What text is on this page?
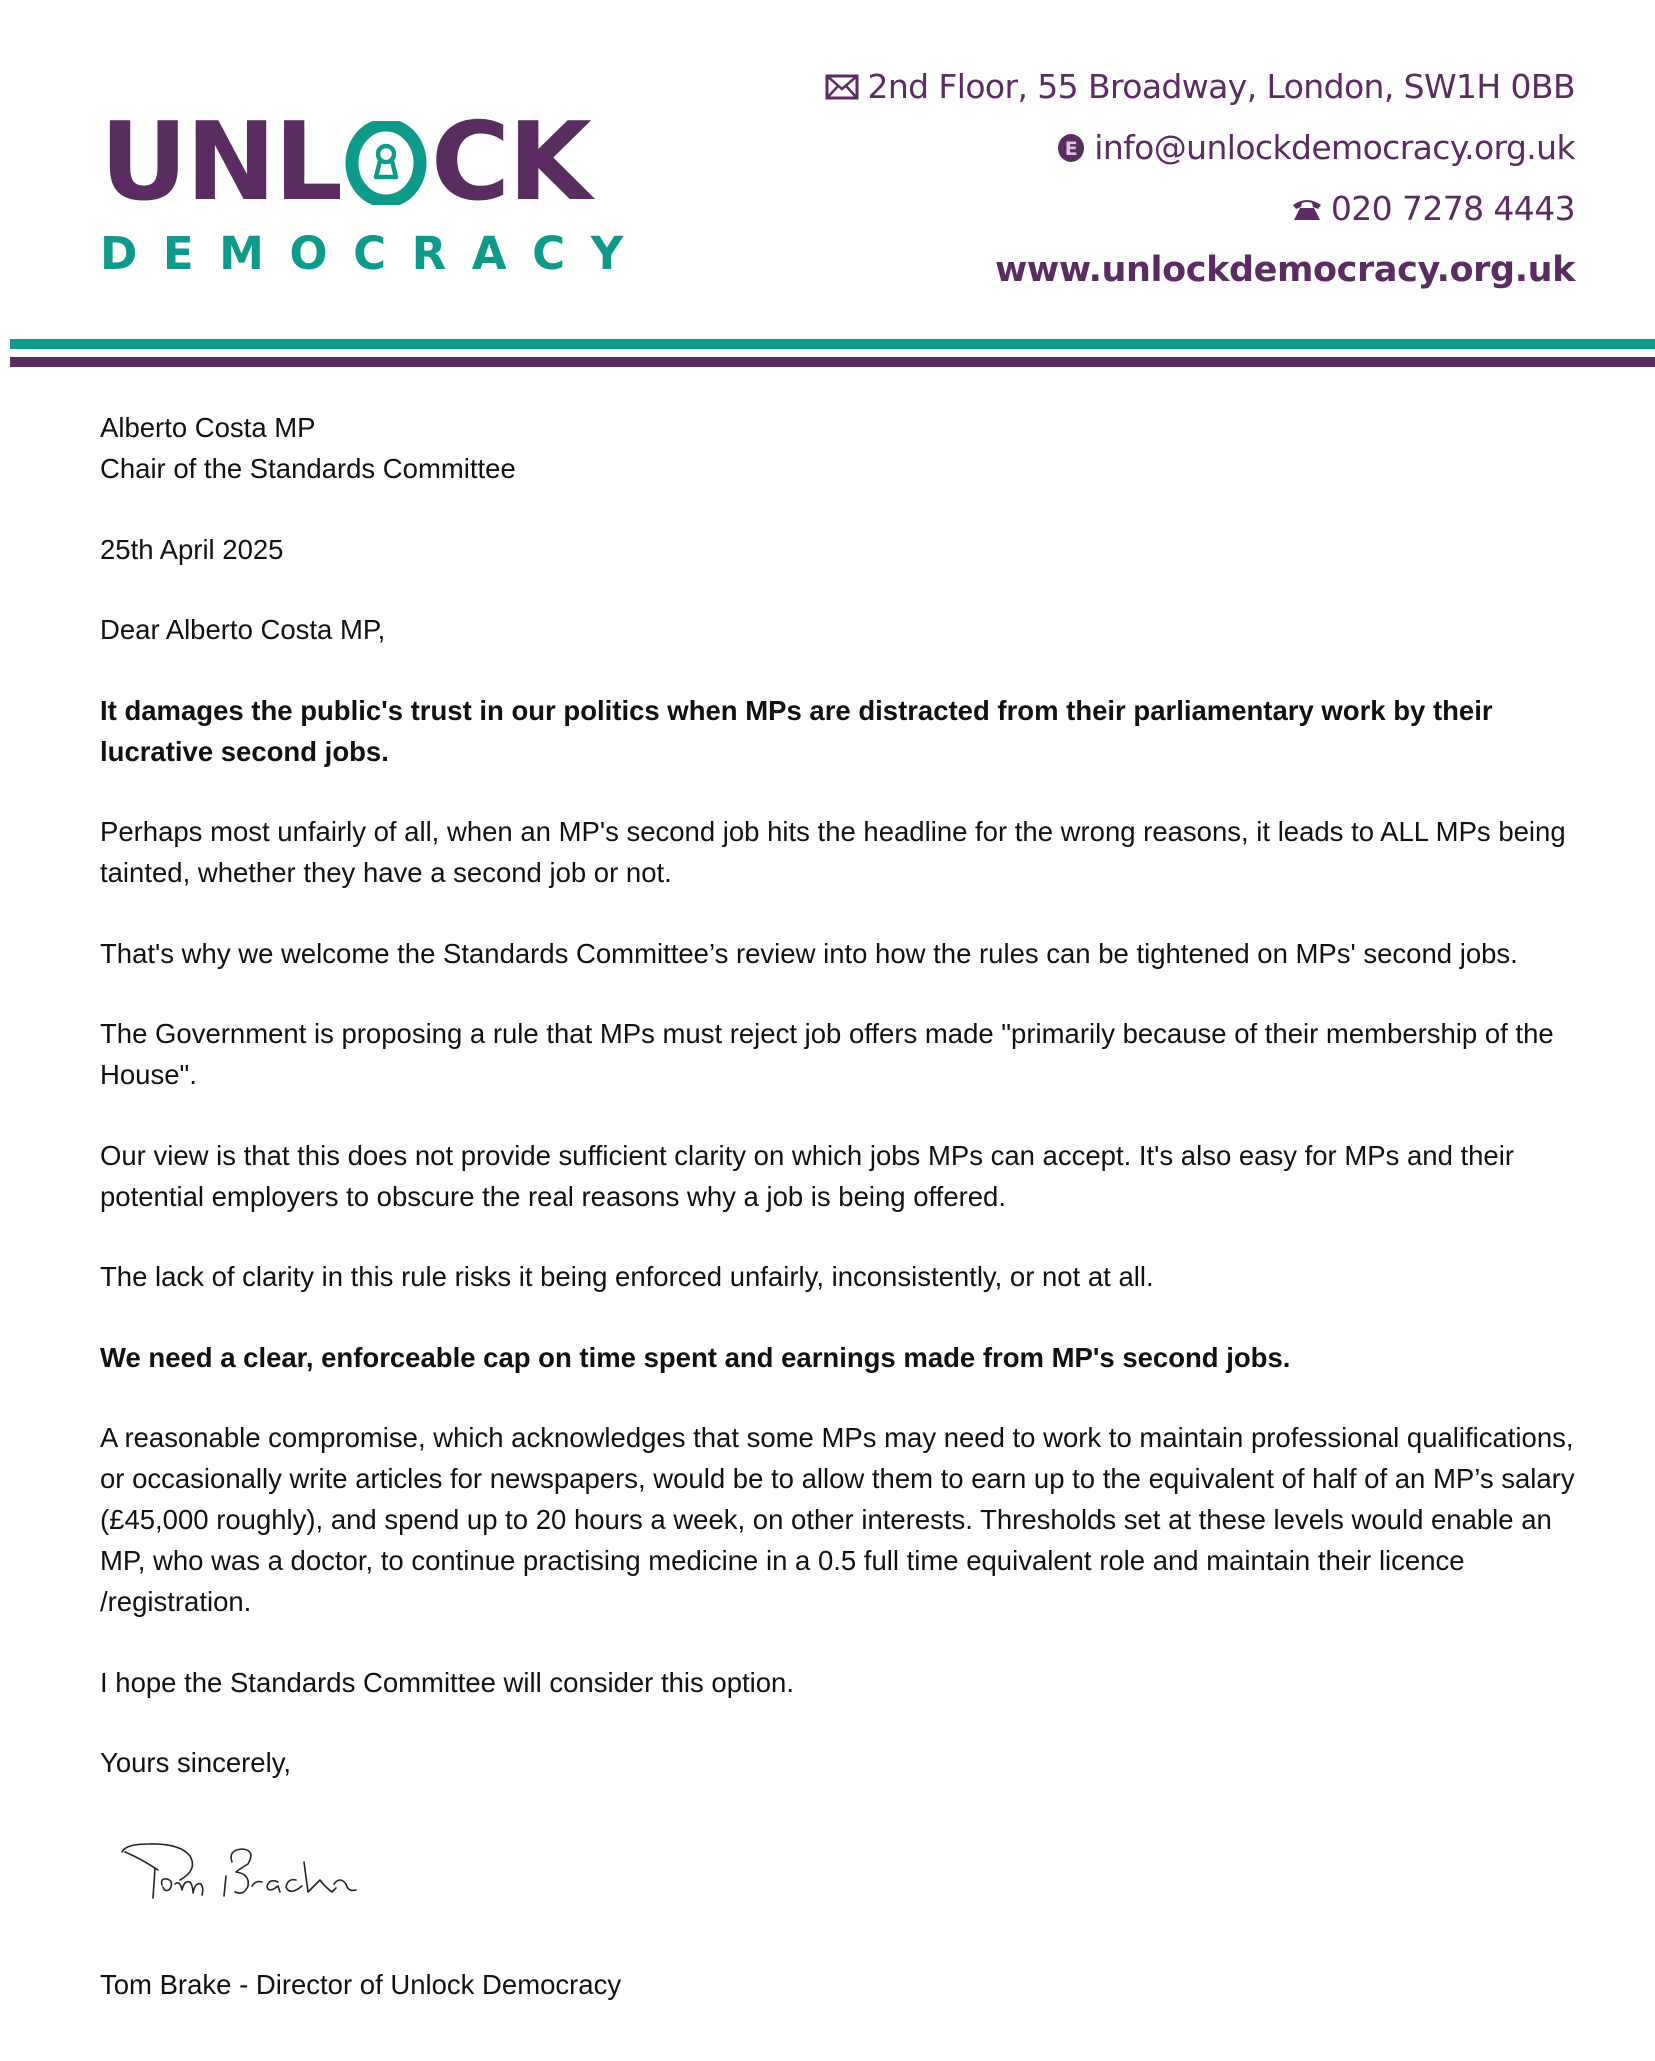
UNL CK
DEMOCRACY
2nd Floor, 55 Broadway, London, SW1H 0BB
E info@unlockdemocracy.org.uk
020 7278 4443
www.unlockdemocracy.org.uk

Alberto Costa MP

Chair of the Standards Committee

25th April 2025

Dear Alberto Costa MP,

It damages the public's trust in our politics when MPs are distracted from their parliamentary work by their lucrative second jobs.

Perhaps most unfairly of all, when an MP's second job hits the headline for the wrong reasons, it leads to ALL MPs being tainted, whether they have a second job or not.

That's why we welcome the Standards Committee’s review into how the rules can be tightened on MPs' second jobs.

The Government is proposing a rule that MPs must reject job offers made "primarily because of their membership of the House".

Our view is that this does not provide sufficient clarity on which jobs MPs can accept. It's also easy for MPs and their potential employers to obscure the real reasons why a job is being offered.

The lack of clarity in this rule risks it being enforced unfairly, inconsistently, or not at all.

We need a clear, enforceable cap on time spent and earnings made from MP's second jobs.

A reasonable compromise, which acknowledges that some MPs may need to work to maintain professional qualifications, or occasionally write articles for newspapers, would be to allow them to earn up to the equivalent of half of an MP’s salary (£45,000 roughly), and spend up to 20 hours a week, on other interests. Thresholds set at these levels would enable an MP, who was a doctor, to continue practising medicine in a 0.5 full time equivalent role and maintain their licence /registration.

I hope the Standards Committee will consider this option.

Yours sincerely,

Tom Brake - Director of Unlock Democracy
